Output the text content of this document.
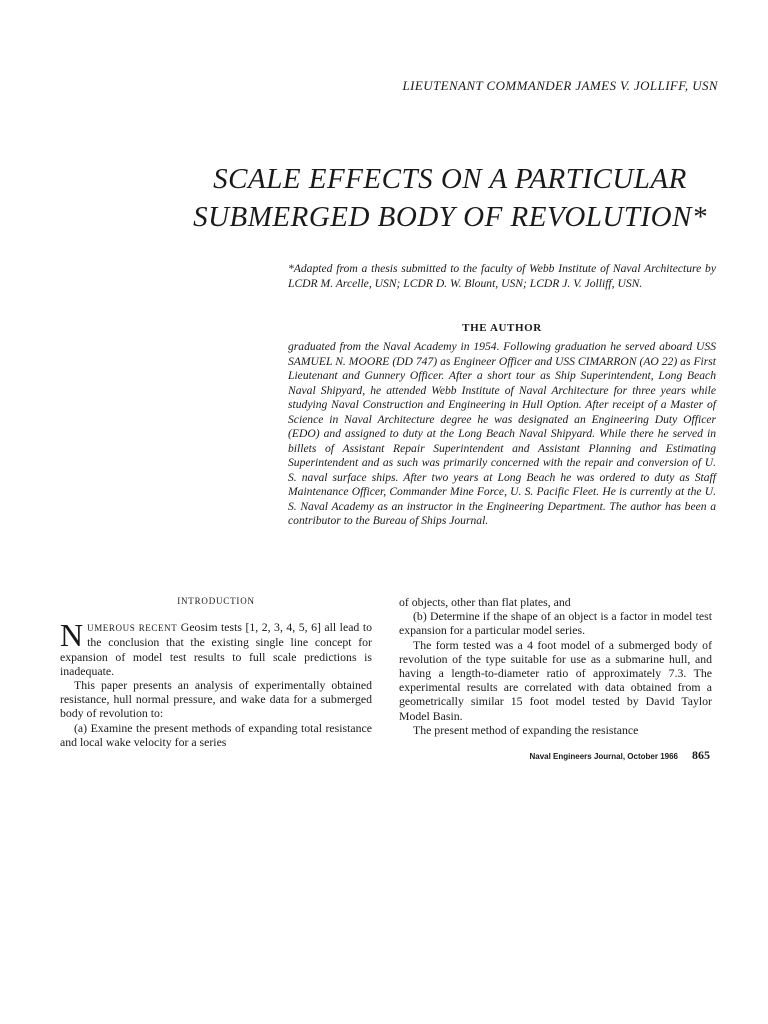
LIEUTENANT COMMANDER JAMES V. JOLLIFF, USN
SCALE EFFECTS ON A PARTICULAR
SUBMERGED BODY OF REVOLUTION*
*Adapted from a thesis submitted to the faculty of Webb Institute of Naval Architecture by LCDR M. Arcelle, USN; LCDR D. W. Blount, USN; LCDR J. V. Jolliff, USN.
THE AUTHOR
graduated from the Naval Academy in 1954. Following graduation he served aboard USS SAMUEL N. MOORE (DD 747) as Engineer Officer and USS CIMARRON (AO 22) as First Lieutenant and Gunnery Officer. After a short tour as Ship Superintendent, Long Beach Naval Shipyard, he attended Webb Institute of Naval Architecture for three years while studying Naval Construction and Engineering in Hull Option. After receipt of a Master of Science in Naval Architecture degree he was designated an Engineering Duty Officer (EDO) and assigned to duty at the Long Beach Naval Shipyard. While there he served in billets of Assistant Repair Superintendent and Assistant Planning and Estimating Superintendent and as such was primarily concerned with the repair and conversion of U. S. naval surface ships. After two years at Long Beach he was ordered to duty as Staff Maintenance Officer, Commander Mine Force, U. S. Pacific Fleet. He is currently at the U. S. Naval Academy as an instructor in the Engineering Department. The author has been a contributor to the Bureau of Ships Journal.
INTRODUCTION

NUMEROUS RECENT Geosim tests [1, 2, 3, 4, 5, 6] all lead to the conclusion that the existing single line concept for expansion of model test results to full scale predictions is inadequate.

This paper presents an analysis of experimentally obtained resistance, hull normal pressure, and wake data for a submerged body of revolution to:

(a) Examine the present methods of expanding total resistance and local wake velocity for a series

of objects, other than flat plates, and

(b) Determine if the shape of an object is a factor in model test expansion for a particular model series.

The form tested was a 4 foot model of a submerged body of revolution of the type suitable for use as a submarine hull, and having a length-to-diameter ratio of approximately 7.3. The experimental results are correlated with data obtained from a geometrically similar 15 foot model tested by David Taylor Model Basin.

The present method of expanding the resistance

Naval Engineers Journal, October 1966 865
